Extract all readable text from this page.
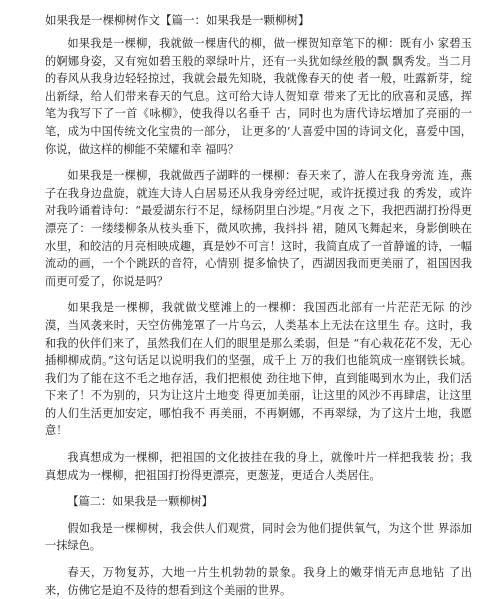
如果我是一棵柳树作文【篇一：如果我是一颗柳树】

如果我是一棵柳，我就做一棵唐代的柳，做一棵贺知章笔下的柳：既有小 家碧玉的婀娜身姿，又有宛如碧玉般的翠绿叶片，还有一头犹如绿丝般的飘 飘秀发。当二月的春风从我身边轻轻掠过，我就会最先知晓，我就像春天的使 者一般，吐露新芽，绽出新绿，给人们带来春天的气息。这可给大诗人贺知章 带来了无比的欣喜和灵感，挥笔为我写下了一首《咏柳》，使我得以名垂千 古，同时也为唐代诗坛增加了亮丽的一笔，成为中国传统文化宝贵的一部分， 让更多的’人喜爱中国的诗词文化，喜爱中国，你说，做这样的柳能不荣耀和幸 福吗？

如果我是一棵柳，我就做西子湖畔的一棵柳：春天来了，游人在我身旁流 连，燕子在我身边盘旋，就连大诗人白居易还从我身旁经过呢，或许抚摸过我 的秀发，或许对我吟诵着诗句：“最爱湖东行不足，绿杨阴里白沙堤。”月夜 之下，我把西湖打扮得更漂亮了：一缕缕柳条从枝头垂下，微风吹拂，我抖抖 裙，随风飞舞起来，身影倒映在水里，和皎洁的月亮相映成趣，真是妙不可言！这时，我简直成了一首静谧的诗，一幅流动的画，一个个跳跃的音符，心情别 提多愉快了，西湖因我而更美丽了，祖国因我而更可爱了，你说是吗？

如果我是一棵柳，我就做戈壁滩上的一棵柳：我国西北部有一片茫茫无际 的沙漠，当风袭来时，天空仿佛笼罩了一片乌云，人类基本上无法在这里生 存。这时，我和我的伙伴们来了，虽然我们在人们的眼里是那么柔弱，但是 “有心栽花花不发，无心插柳柳成荫。”这句话足以说明我们的坚强，成千上 万的我们也能筑成一座钢铁长城。我们为了能在这不毛之地存活，我们把根使 劲往地下伸，直到能喝到水为止，我们活下来了！不为别的，只为让这片土地变 得更加美丽，让这里的风沙不再肆虐，让这里的人们生活更加安定，哪怕我不 再美丽，不再婀娜，不再翠绿，为了这片土地，我愿意！

我真想成为一棵柳，把祖国的文化披挂在我的身上，就像叶片一样把我装 扮；我真想成为一棵柳，把祖国打扮得更漂亮，更葱茏，更适合人类居住。

【篇二：如果我是一颗柳树】

假如我是一棵柳树，我会供人们观赏，同时会为他们提供氧气，为这个世 界添加一抹绿色。

春天，万物复苏，大地一片生机勃勃的景象。我身上的嫩芽悄无声息地钻 了出来，仿佛它是迫不及待的想看到这个美丽的世界。
